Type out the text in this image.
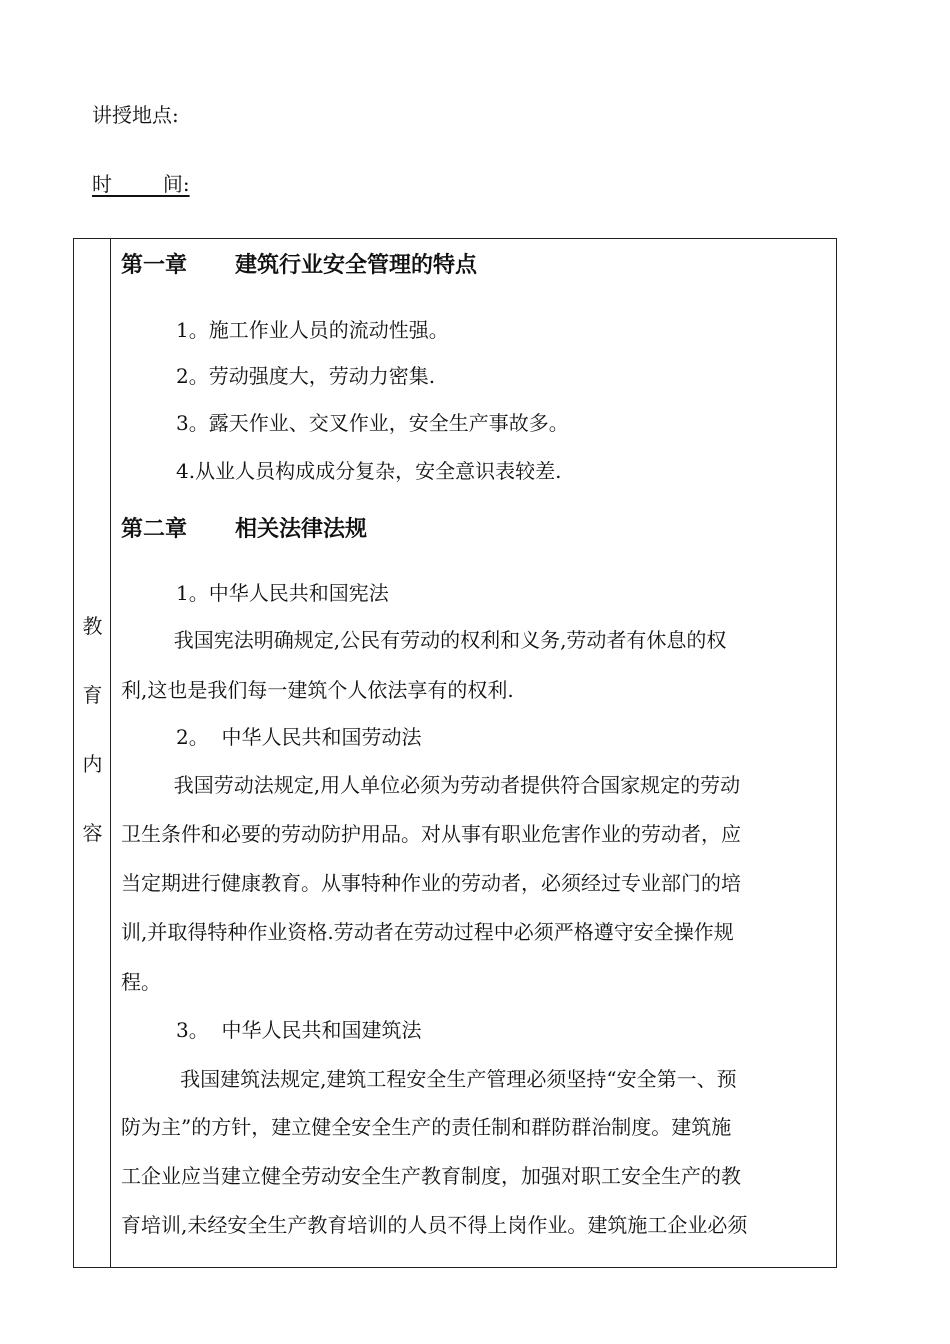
讲授地点:
时        间:
教
育
内
容
第一章 建筑行业安全管理的特点
1。施工作业人员的流动性强。
2。劳动强度大，劳动力密集.
3。露天作业、交叉作业，安全生产事故多。
4.从业人员构成成分复杂，安全意识表较差.
第二章 相关法律法规
1。中华人民共和国宪法
我国宪法明确规定,公民有劳动的权利和义务,劳动者有休息的权
利,这也是我们每一建筑个人依法享有的权利.
2。  中华人民共和国劳动法
我国劳动法规定,用人单位必须为劳动者提供符合国家规定的劳动
卫生条件和必要的劳动防护用品。对从事有职业危害作业的劳动者，应
当定期进行健康教育。从事特种作业的劳动者，必须经过专业部门的培
训,并取得特种作业资格.劳动者在劳动过程中必须严格遵守安全操作规
程。
3。  中华人民共和国建筑法
我国建筑法规定,建筑工程安全生产管理必须坚持“安全第一、预
防为主”的方针，建立健全安全生产的责任制和群防群治制度。建筑施
工企业应当建立健全劳动安全生产教育制度，加强对职工安全生产的教
育培训,未经安全生产教育培训的人员不得上岗作业。建筑施工企业必须
